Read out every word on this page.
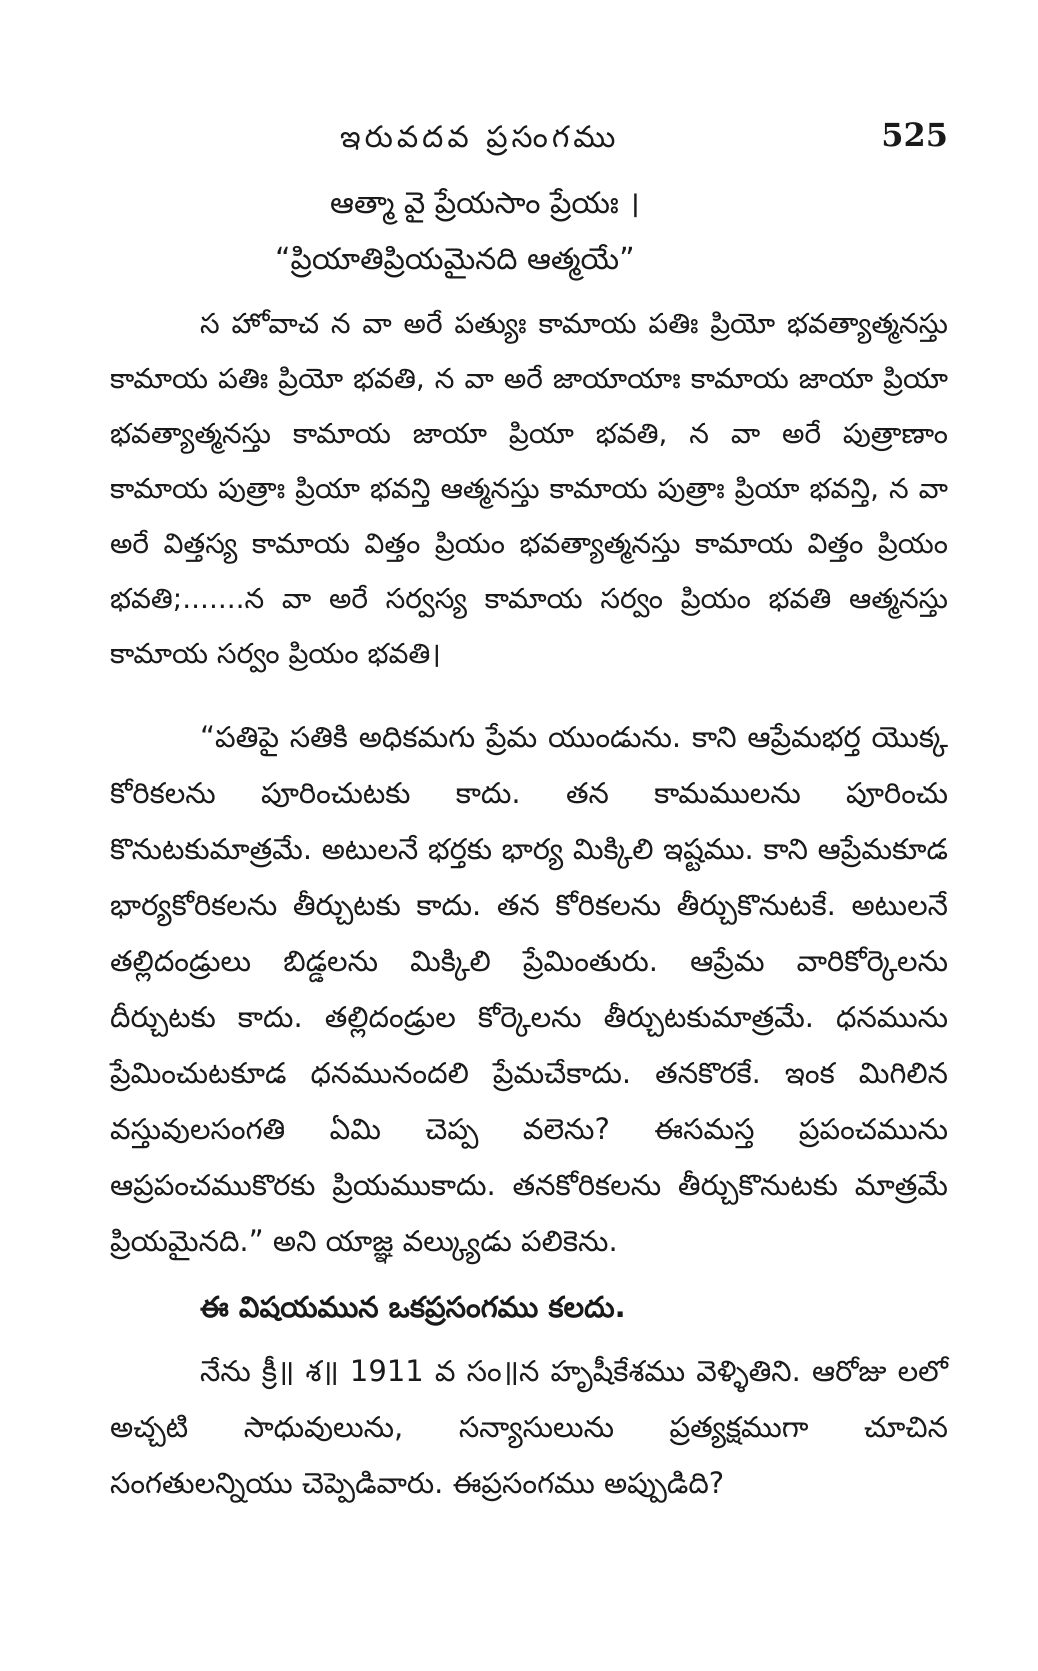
ఇరువదవ ప్రసంగము	525
ఆత్మా వై ప్రేయసాం ప్రేయః ।
“ప్రియాతిప్రియమైనది ఆత్మయే”
స హోవాచ న వా అరే పత్యుః కామాయ పతిః ప్రియో భవత్యాత్మనస్తు కామాయ పతిః ప్రియో భవతి, న వా అరే జాయాయాః కామాయ జాయా ప్రియా భవత్యాత్మనస్తు కామాయ జాయా ప్రియా భవతి, న వా అరే పుత్రాణాం కామాయ పుత్రాః ప్రియా భవన్తి ఆత్మనస్తు కామాయ పుత్రాః ప్రియా భవన్తి, న వా అరే విత్తస్య కామాయ విత్తం ప్రియం భవత్యాత్మనస్తు కామాయ విత్తం ప్రియం భవతి;.......న వా అరే సర్వస్య కామాయ సర్వం ప్రియం భవతి ఆత్మనస్తు కామాయ సర్వం ప్రియం భవతి।

“పతిపై సతికి అధికమగు ప్రేమ యుండును. కాని ఆప్రేమభర్త యొక్క కోరికలను పూరించుటకు కాదు. తన కామములను పూరించు కొనుటకుమాత్రమే. అటులనే భర్తకు భార్య మిక్కిలి ఇష్టము. కాని ఆప్రేమకూడ భార్యకోరికలను తీర్చుటకు కాదు. తన కోరికలను తీర్చుకొనుటకే. అటులనే తల్లిదండ్రులు బిడ్డలను మిక్కిలి ప్రేమింతురు. ఆప్రేమ వారికోర్కెలను దీర్చుటకు కాదు. తల్లిదండ్రుల కోర్కెలను తీర్చుటకుమాత్రమే. ధనమును ప్రేమించుటకూడ ధనమునందలి ప్రేమచేకాదు. తనకొరకే. ఇంక మిగిలిన వస్తువులసంగతి ఏమి చెప్ప వలెను? ఈసమస్త ప్రపంచమును ఆప్రపంచముకొరకు ప్రియముకాదు. తనకోరికలను తీర్చుకొనుటకు మాత్రమే ప్రియమైనది.” అని యాజ్ఞ వల్క్యుడు పలికెను.

ఈ విషయమున ఒకప్రసంగము కలదు.

నేను క్రీ॥ శ॥ 1911 వ సం॥న హృషీకేశము వెళ్ళితిని. ఆరోజు లలో అచ్చటి సాధువులును, సన్యాసులును ప్రత్యక్షముగా చూచిన సంగతులన్నియు చెప్పెడివారు. ఈప్రసంగము అప్పుడిది?
